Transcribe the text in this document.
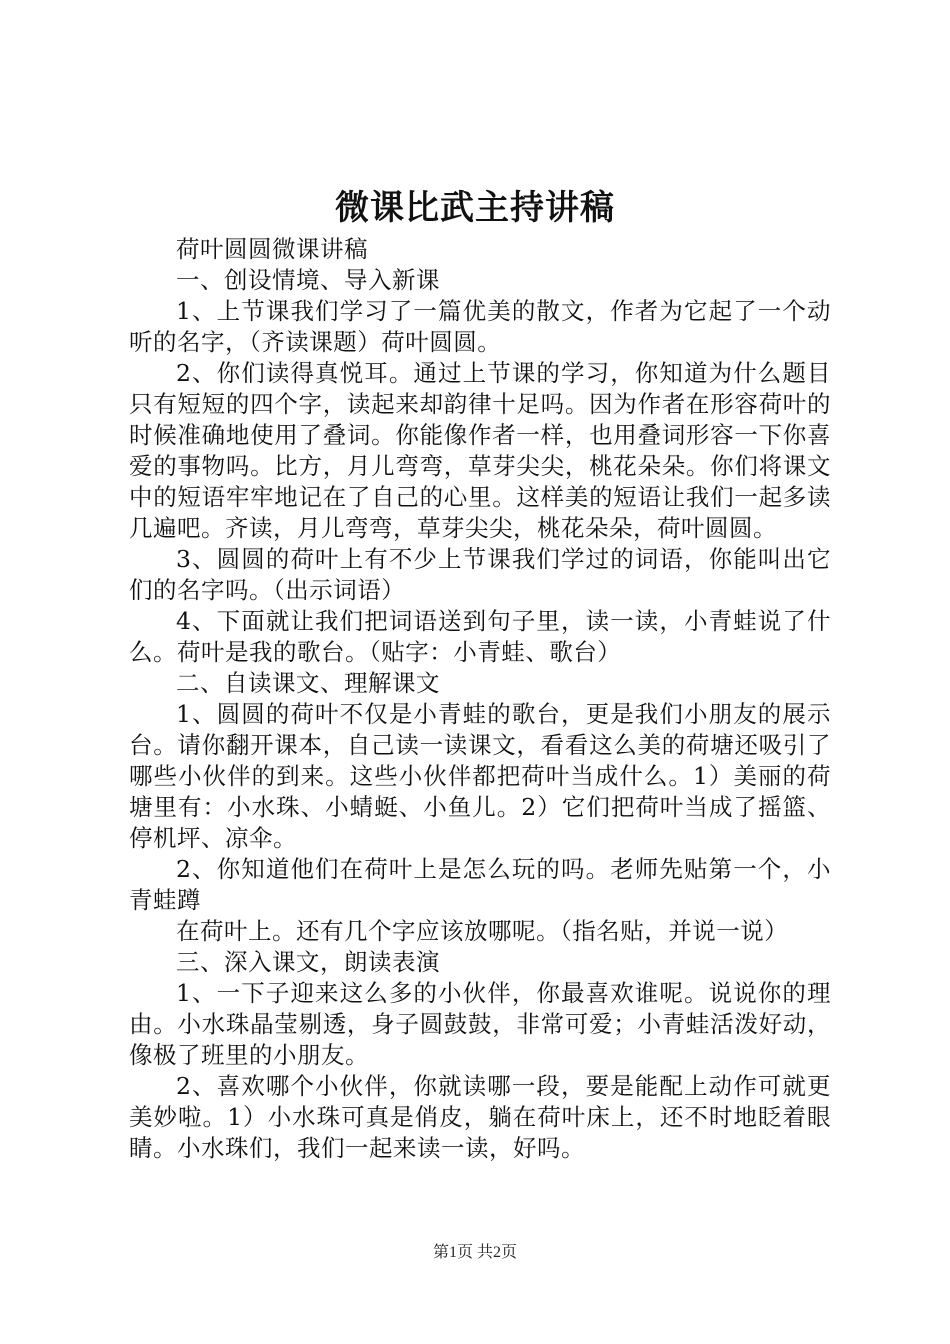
微课比武主持讲稿

荷叶圆圆微课讲稿

一、创设情境、导入新课

1、上节课我们学习了一篇优美的散文，作者为它起了一个动听的名字，（齐读课题）荷叶圆圆。

2、你们读得真悦耳。通过上节课的学习，你知道为什么题目只有短短的四个字，读起来却韵律十足吗。因为作者在形容荷叶的时候准确地使用了叠词。你能像作者一样，也用叠词形容一下你喜爱的事物吗。比方，月儿弯弯，草芽尖尖，桃花朵朵。你们将课文中的短语牢牢地记在了自己的心里。这样美的短语让我们一起多读几遍吧。齐读，月儿弯弯，草芽尖尖，桃花朵朵，荷叶圆圆。

3、圆圆的荷叶上有不少上节课我们学过的词语，你能叫出它们的名字吗。（出示词语）

4、下面就让我们把词语送到句子里，读一读，小青蛙说了什么。荷叶是我的歌台。（贴字：小青蛙、歌台）

二、自读课文、理解课文

1、圆圆的荷叶不仅是小青蛙的歌台，更是我们小朋友的展示台。请你翻开课本，自己读一读课文，看看这么美的荷塘还吸引了哪些小伙伴的到来。这些小伙伴都把荷叶当成什么。1）美丽的荷塘里有：小水珠、小蜻蜓、小鱼儿。2）它们把荷叶当成了摇篮、停机坪、凉伞。

2、你知道他们在荷叶上是怎么玩的吗。老师先贴第一个，小青蛙蹲

在荷叶上。还有几个字应该放哪呢。（指名贴，并说一说）

三、深入课文，朗读表演

1、一下子迎来这么多的小伙伴，你最喜欢谁呢。说说你的理由。小水珠晶莹剔透，身子圆鼓鼓，非常可爱；小青蛙活泼好动，像极了班里的小朋友。

2、喜欢哪个小伙伴，你就读哪一段，要是能配上动作可就更美妙啦。1）小水珠可真是俏皮，躺在荷叶床上，还不时地眨着眼睛。小水珠们，我们一起来读一读，好吗。

第1页 共2页
